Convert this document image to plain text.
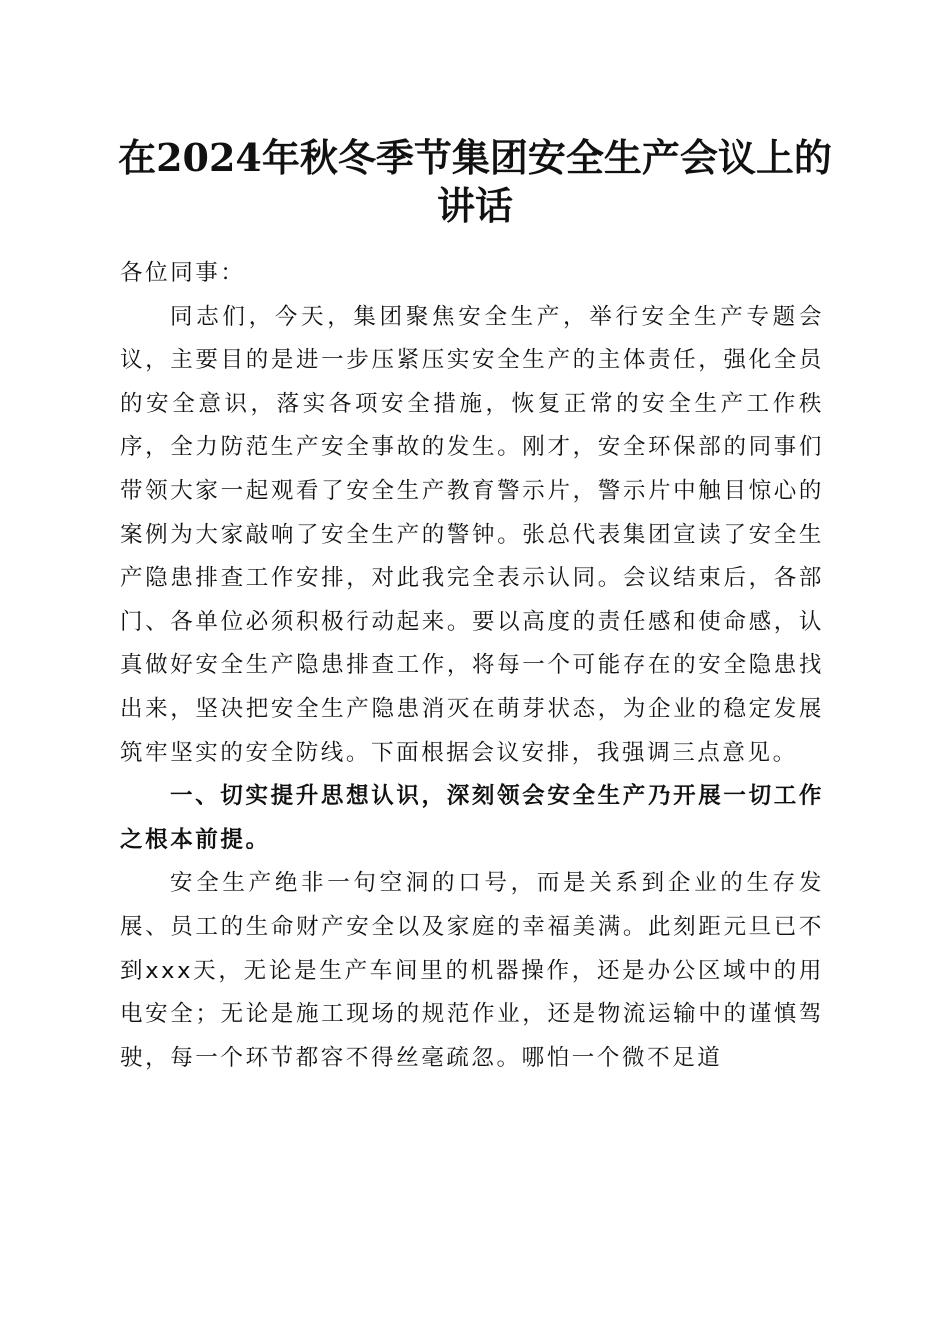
在2024年秋冬季节集团安全生产会议上的讲话

各位同事：

同志们，今天，集团聚焦安全生产，举行安全生产专题会议，主要目的是进一步压紧压实安全生产的主体责任，强化全员的安全意识，落实各项安全措施，恢复正常的安全生产工作秩序，全力防范生产安全事故的发生。刚才，安全环保部的同事们带领大家一起观看了安全生产教育警示片，警示片中触目惊心的案例为大家敲响了安全生产的警钟。张总代表集团宣读了安全生产隐患排查工作安排，对此我完全表示认同。会议结束后，各部门、各单位必须积极行动起来。要以高度的责任感和使命感，认真做好安全生产隐患排查工作，将每一个可能存在的安全隐患找出来，坚决把安全生产隐患消灭在萌芽状态，为企业的稳定发展筑牢坚实的安全防线。下面根据会议安排，我强调三点意见。

一、切实提升思想认识，深刻领会安全生产乃开展一切工作之根本前提。

安全生产绝非一句空洞的口号，而是关系到企业的生存发展、员工的生命财产安全以及家庭的幸福美满。此刻距元旦已不到xxx天，无论是生产车间里的机器操作，还是办公区域中的用电安全；无论是施工现场的规范作业，还是物流运输中的谨慎驾驶，每一个环节都容不得丝毫疏忽。哪怕一个微不足道
